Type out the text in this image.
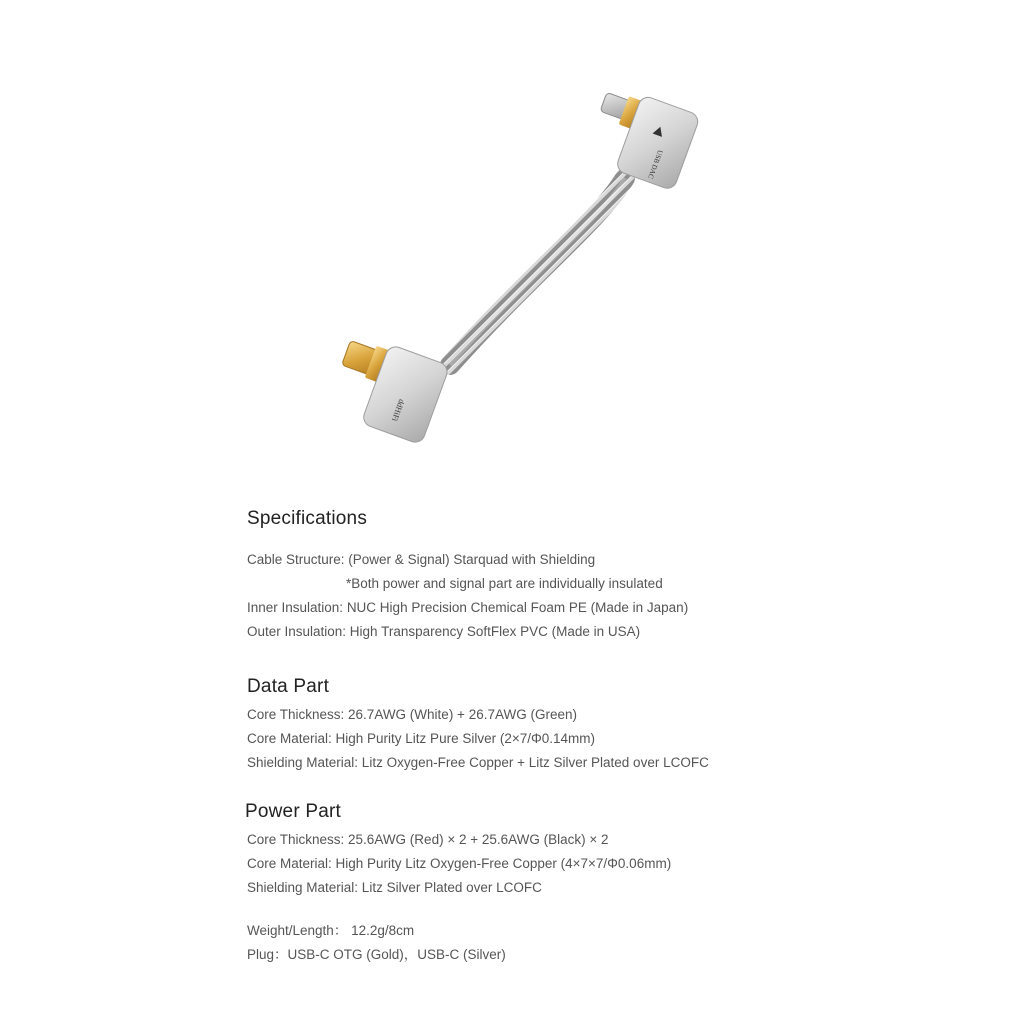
USB DAC
ddHiFi
Specifications
Cable Structure: (Power & Signal) Starquad with Shielding
*Both power and signal part are individually insulated
Inner Insulation: NUC High Precision Chemical Foam PE (Made in Japan)
Outer Insulation: High Transparency SoftFlex PVC (Made in USA)
Data Part
Core Thickness: 26.7AWG (White) + 26.7AWG (Green)
Core Material: High Purity Litz Pure Silver (2×7/Φ0.14mm)
Shielding Material: Litz Oxygen-Free Copper + Litz Silver Plated over LCOFC
Power Part
Core Thickness: 25.6AWG (Red) × 2 + 25.6AWG (Black) × 2
Core Material: High Purity Litz Oxygen-Free Copper (4×7×7/Φ0.06mm)
Shielding Material: Litz Silver Plated over LCOFC
Weight/Length： 12.2g/8cm
Plug：USB-C OTG (Gold)，USB-C (Silver)
